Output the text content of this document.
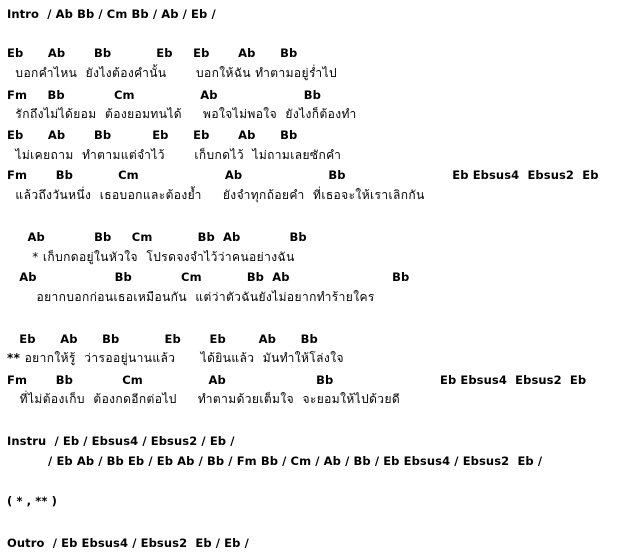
Intro  / Ab Bb / Cm Bb / Ab / Eb /
Eb      Ab       Bb           Eb     Eb       Ab      Bb
บอกคำไหน  ยังไงต้องคำนั้น       บอกให้ฉัน ทำตามอยู่ร่ำไป
Fm     Bb            Cm                Ab                     Bb
รักถึงไม่ได้ยอม  ต้องยอมทนได้     พอใจไม่พอใจ  ยังไงก็ต้องทำ
Eb      Ab       Bb          Eb      Eb       Ab      Bb
ไม่เคยถาม  ทำตามแต่จำไว้       เก็บกดไว้  ไม่ถามเลยซักคำ
Fm       Bb           Cm                     Ab                     Bb                          Eb Ebsus4  Ebsus2  Eb
แล้วถึงวันหนึ่ง  เธอบอกและต้องย้ำ     ยังจำทุกถ้อยคำ  ที่เธอจะให้เราเลิกกัน
Ab            Bb     Cm           Bb  Ab            Bb
* เก็บกดอยู่ในหัวใจ  โปรดจงจำไว้ว่าคนอย่างฉัน
Ab                   Bb            Cm           Bb  Ab                         Bb
อยากบอกก่อนเธอเหมือนกัน  แต่ว่าตัวฉันยังไม่อยากทำร้ายใคร
Eb      Ab      Bb           Eb       Eb        Ab      Bb
** อยากให้รู้  ว่ารออยู่นานแล้ว      ได้ยินแล้ว  มันทำให้โล่งใจ
Fm       Bb            Cm                Ab                      Bb                          Eb Ebsus4  Ebsus2  Eb
ที่ไม่ต้องเก็บ  ต้องกดอีกต่อไป     ทำตามด้วยเต็มใจ  จะยอมให้ไปด้วยดี
Instru  / Eb / Ebsus4 / Ebsus2 / Eb /
/ Eb Ab / Bb Eb / Eb Ab / Bb / Fm Bb / Cm / Ab / Bb / Eb Ebsus4 / Ebsus2  Eb /
( * , ** )
Outro  / Eb Ebsus4 / Ebsus2  Eb / Eb /
